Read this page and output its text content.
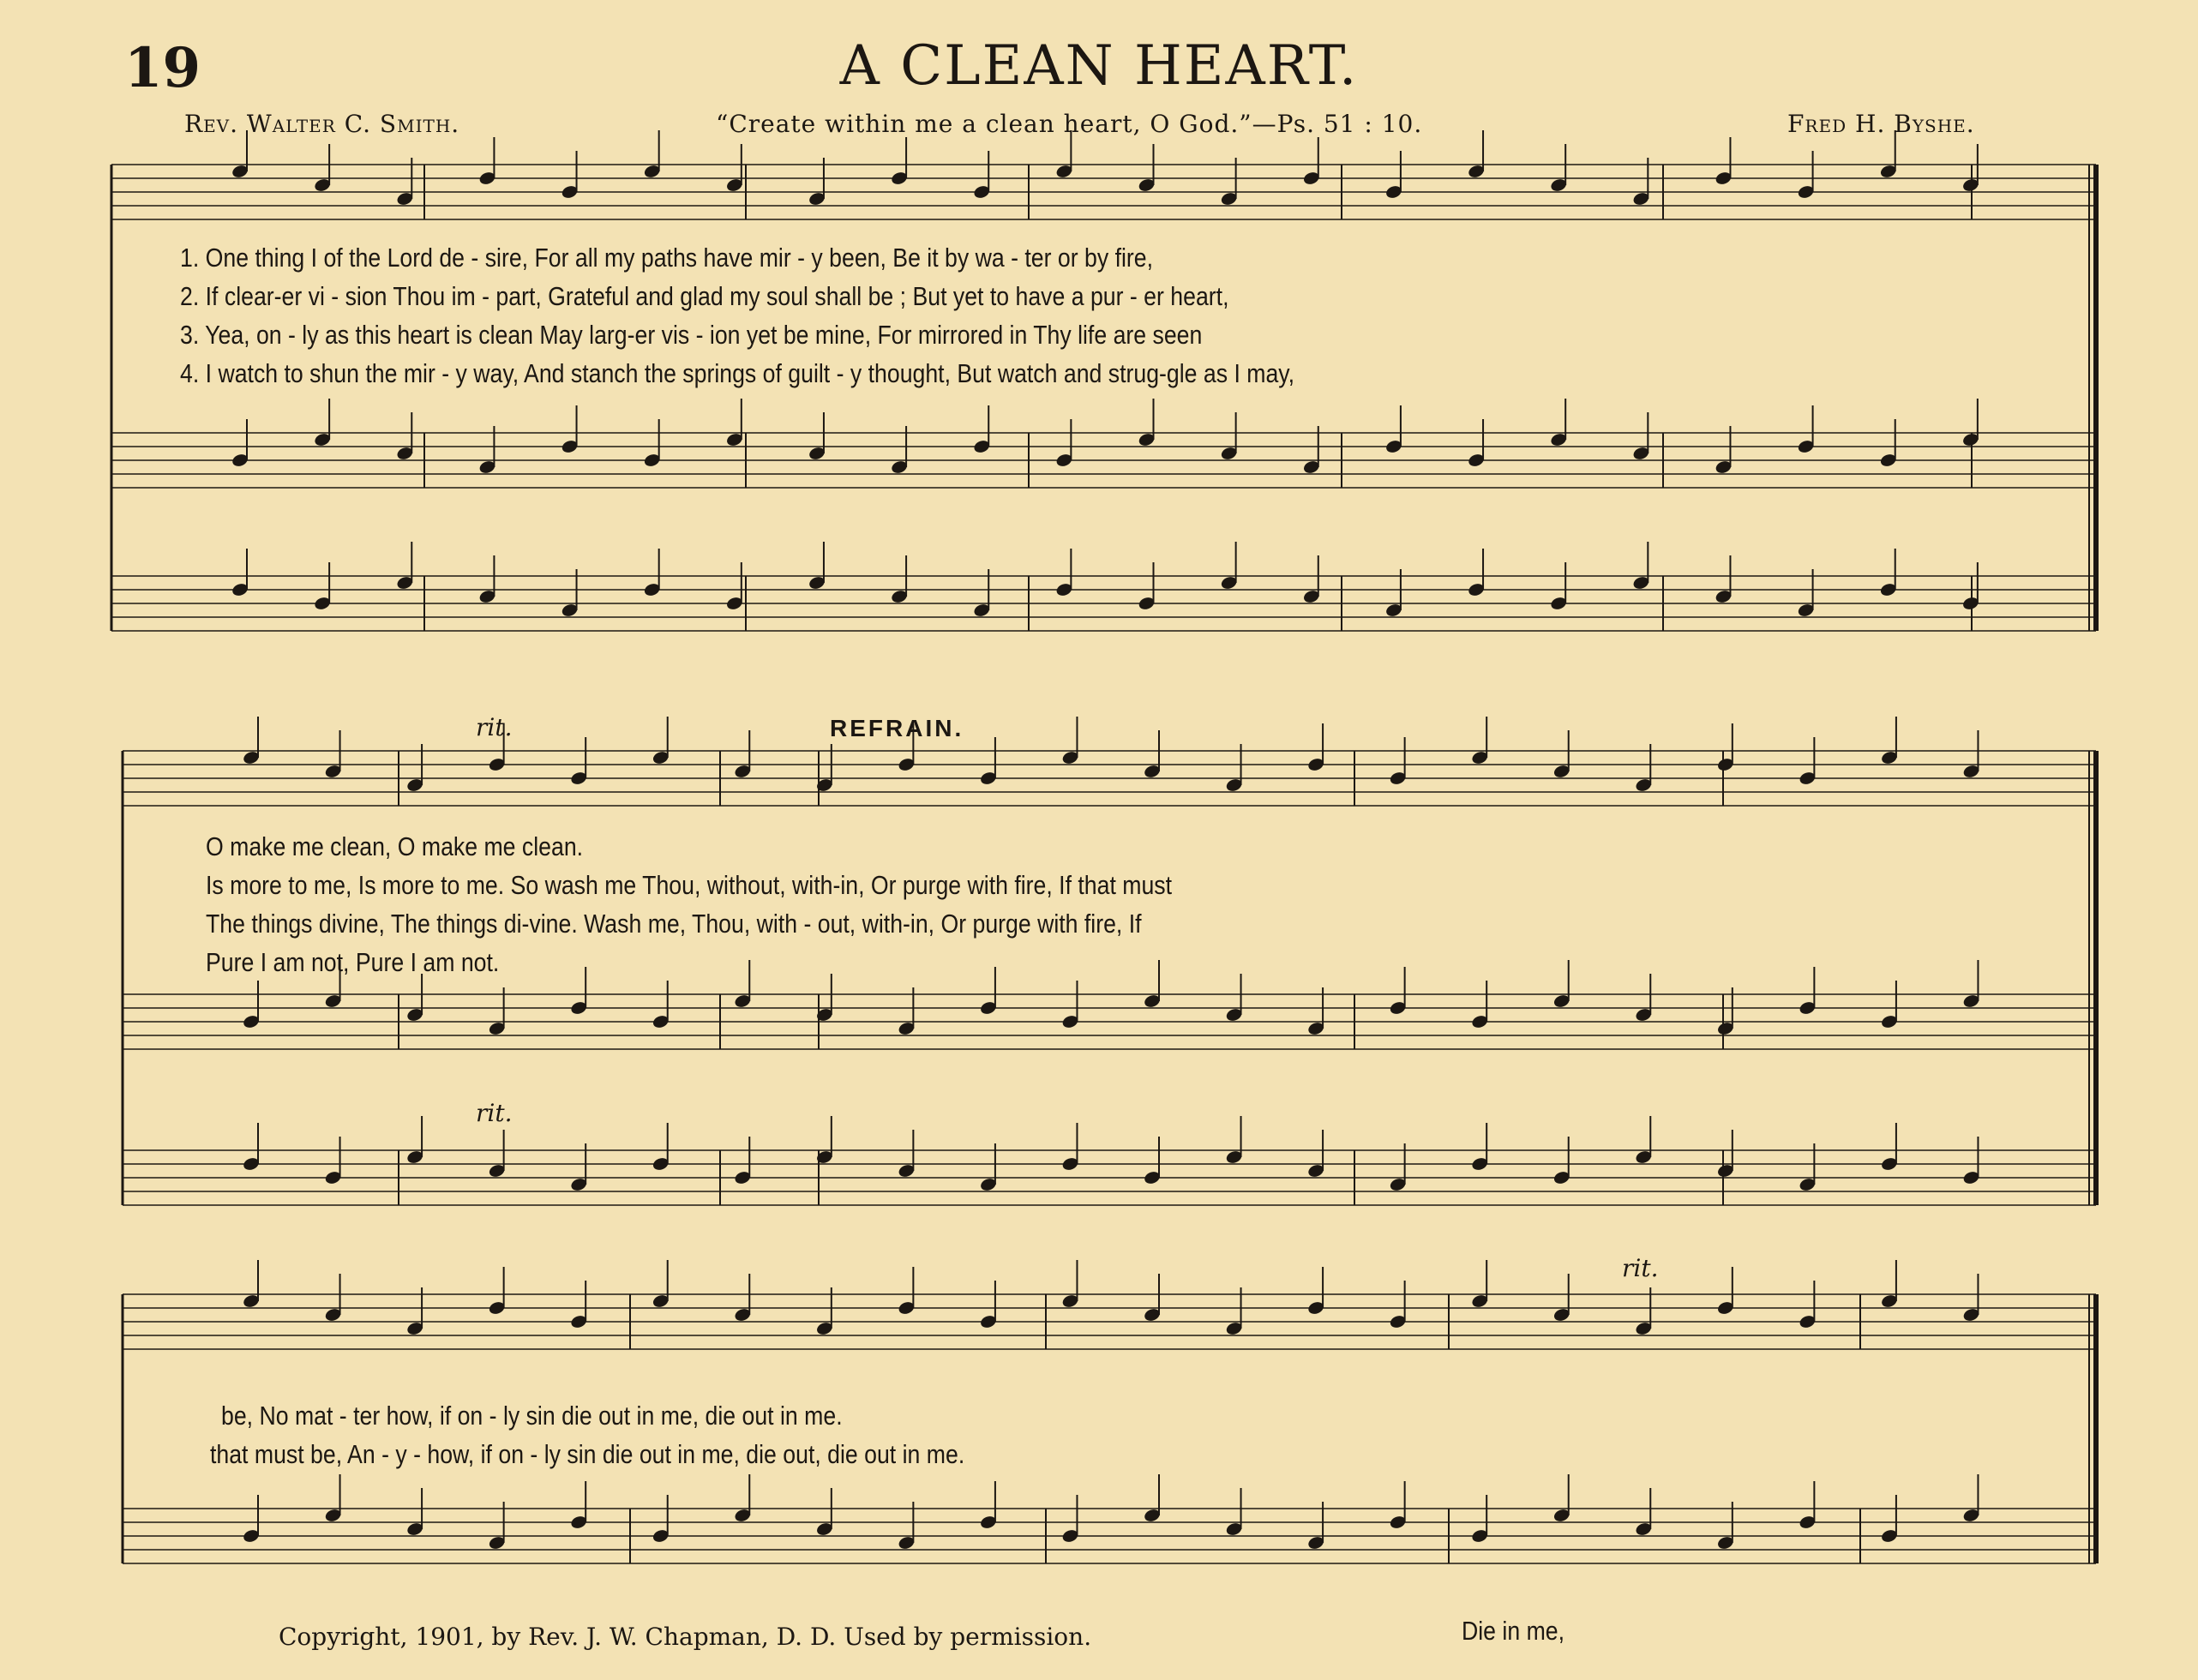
19	A CLEAN HEART.
Rev. Walter C. Smith.	“Create within me a clean heart, O God.”—Ps. 51 : 10.	Fred H. Byshe.
1. One thing I of the Lord de - sire, For all my paths have mir - y been, Be it by wa - ter or by fire,
2. If clear-er vi - sion Thou im - part, Grateful and glad my soul shall be ; But yet to have a pur - er heart,
3. Yea, on - ly as this heart is clean May larg-er vis - ion yet be mine, For mirrored in Thy life are seen
4. I watch to shun the mir - y way, And stanch the springs of guilt - y thought, But watch and strug-gle as I may,
rit.	REFRAIN.
rit.
rit.
O make me clean, O make me clean.
Is more to me, Is more to me. So wash me Thou, without, with-in, Or purge with fire, If that must
The things divine, The things di-vine. Wash me, Thou, with - out, with-in, Or purge with fire, If
Pure I am not, Pure I am not.
be, No mat - ter how, if on - ly sin die out in me, die out in me.
that must be, An - y - how, if on - ly sin die out in me, die out, die out in me.
Copyright, 1901, by Rev. J. W. Chapman, D. D. Used by permission.	Die in me,
